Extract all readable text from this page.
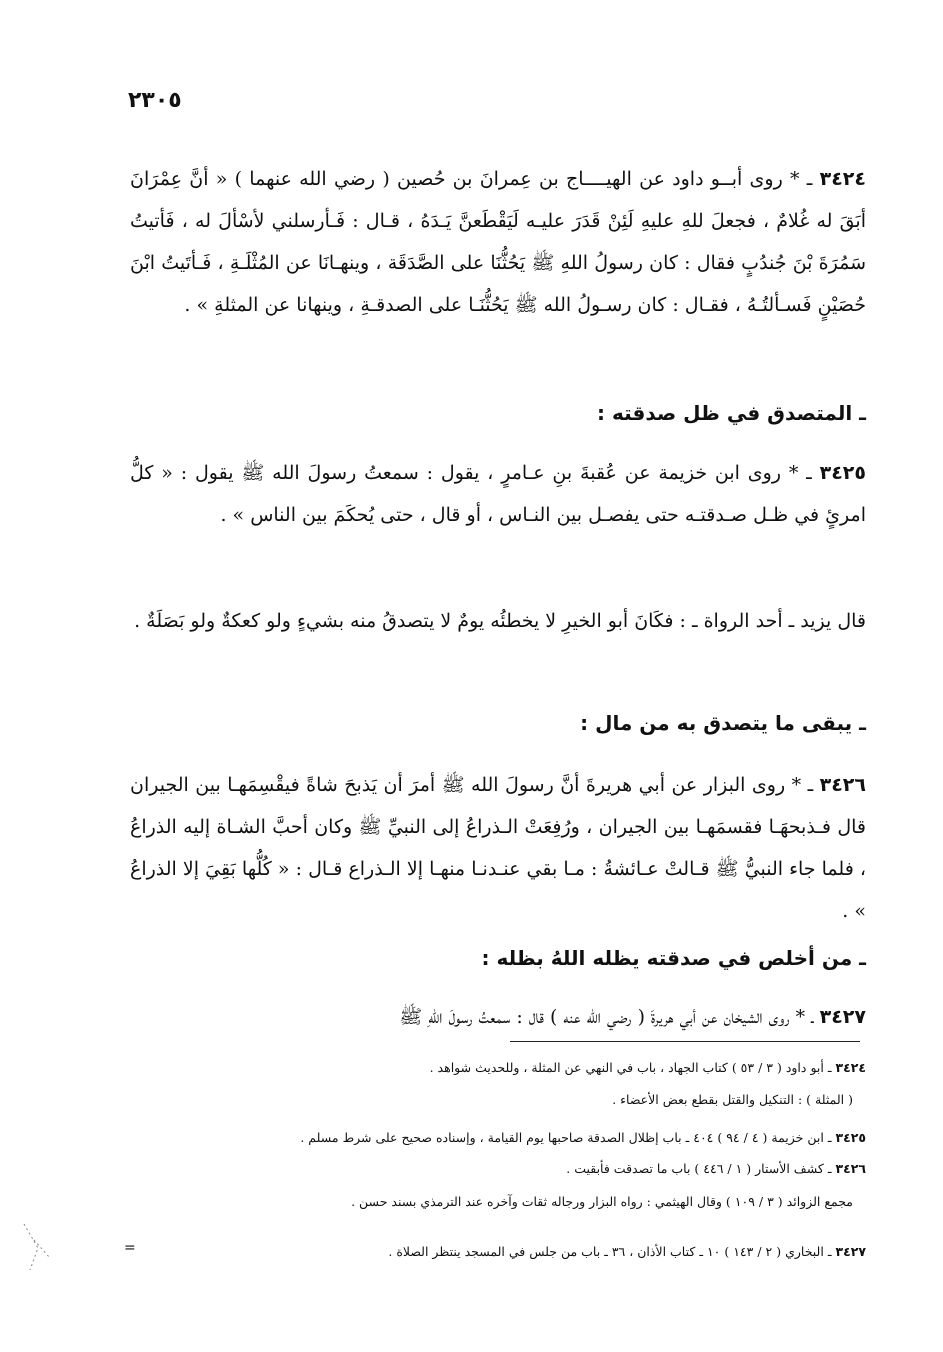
٢٣٠٥
٣٤٢٤ ـ * روى أبــو داود عن الهيــــاج بن عِمرانَ بن حُصين ( رضي الله عنهما ) « أنَّ عِمْرَانَ أبَقَ له غُلامٌ ، فجعلَ للهِ عليهِ لَئِنْ قَدَرَ عليـه لَيَقْطَعنَّ يَـدَهُ ، قـال : فَـأرسلني لأسْألَ له ، فَأتيتُ سَمُرَةَ بْنَ جُندُبٍ فقال : كان رسولُ اللهِ ﷺ يَحُثُّنَا على الصَّدَقَة ، وينهـانَا عن المُثْلَـةِ ، فَـأتَيتُ ابْنَ حُصَيْنٍ فَسـألتُـهُ ، فقـال : كان رسـولُ الله ﷺ يَحُثُّنَـا على الصدقـةِ ، وينهانا عن المثلةِ » .
ـ المتصدق في ظل صدقته :
٣٤٢٥ ـ * روى ابن خزيمة عن عُقبةَ بنِ عـامرٍ ، يقول : سمعتُ رسولَ الله ﷺ يقول : « كلُّ امرئٍ في ظـل صـدقتـه حتى يفصـل بين النـاس ، أو قال ، حتى يُحكَمَ بين الناس » .
قال يزيد ـ أحد الرواة ـ : فكَانَ أبو الخيرِ لا يخطئُه يومٌ لا يتصدقُ منه بشيءٍ ولو كعكةٌ ولو بَصَلَةٌ .
ـ يبقى ما يتصدق به من مال :
٣٤٢٦ ـ * روى البزار عن أبي هريرةَ أنَّ رسولَ الله ﷺ أمرَ أن يَذبحَ شاةً فيقْسِمَهـا بين الجيران قال فـذبحهَـا فقسمَهـا بين الجيران ، ورُفِعَتْ الـذراعُ إلى النبيِّ ﷺ وكان أحبَّ الشـاة إليه الذراعُ ، فلما جاء النبيُّ ﷺ قـالتْ عـائشةُ : مـا بقي عنـدنـا منهـا إلا الـذراع قـال : « كُلُّها بَقِيَ إلا الذراعُ » .
ـ من أخلص في صدقته يظله اللهُ بظله :
٣٤٢٧ ـ * روى الشيخان عن أبي هريرةَ ( رضي الله عنه ) قال : سمعتُ رسولَ اللهِ ﷺ
٣٤٢٤ ـ أبو داود ( ٣ / ٥٣ ) كتاب الجهاد ، باب في النهي عن المثلة ، وللحديث شواهد .
( المثلة ) : التنكيل والقتل بقطع بعض الأعضاء .
٣٤٢٥ ـ ابن خزيمة ( ٤ / ٩٤ ) ٤٠٤ ـ باب إظلال الصدقة صاحبها يوم القيامة ، وإسناده صحيح على شرط مسلم .
٣٤٢٦ ـ كشف الأستار ( ١ / ٤٤٦ ) باب ما تصدقت فأبقيت .
مجمع الزوائد ( ٣ / ١٠٩ ) وقال الهيثمي : رواه البزار ورجاله ثقات وآخره عند الترمذي بسند حسن .
٣٤٢٧ ـ البخاري ( ٢ / ١٤٣ ) ١٠ ـ كتاب الأذان ، ٣٦ ـ باب من جلس في المسجد ينتظر الصلاة .
=
